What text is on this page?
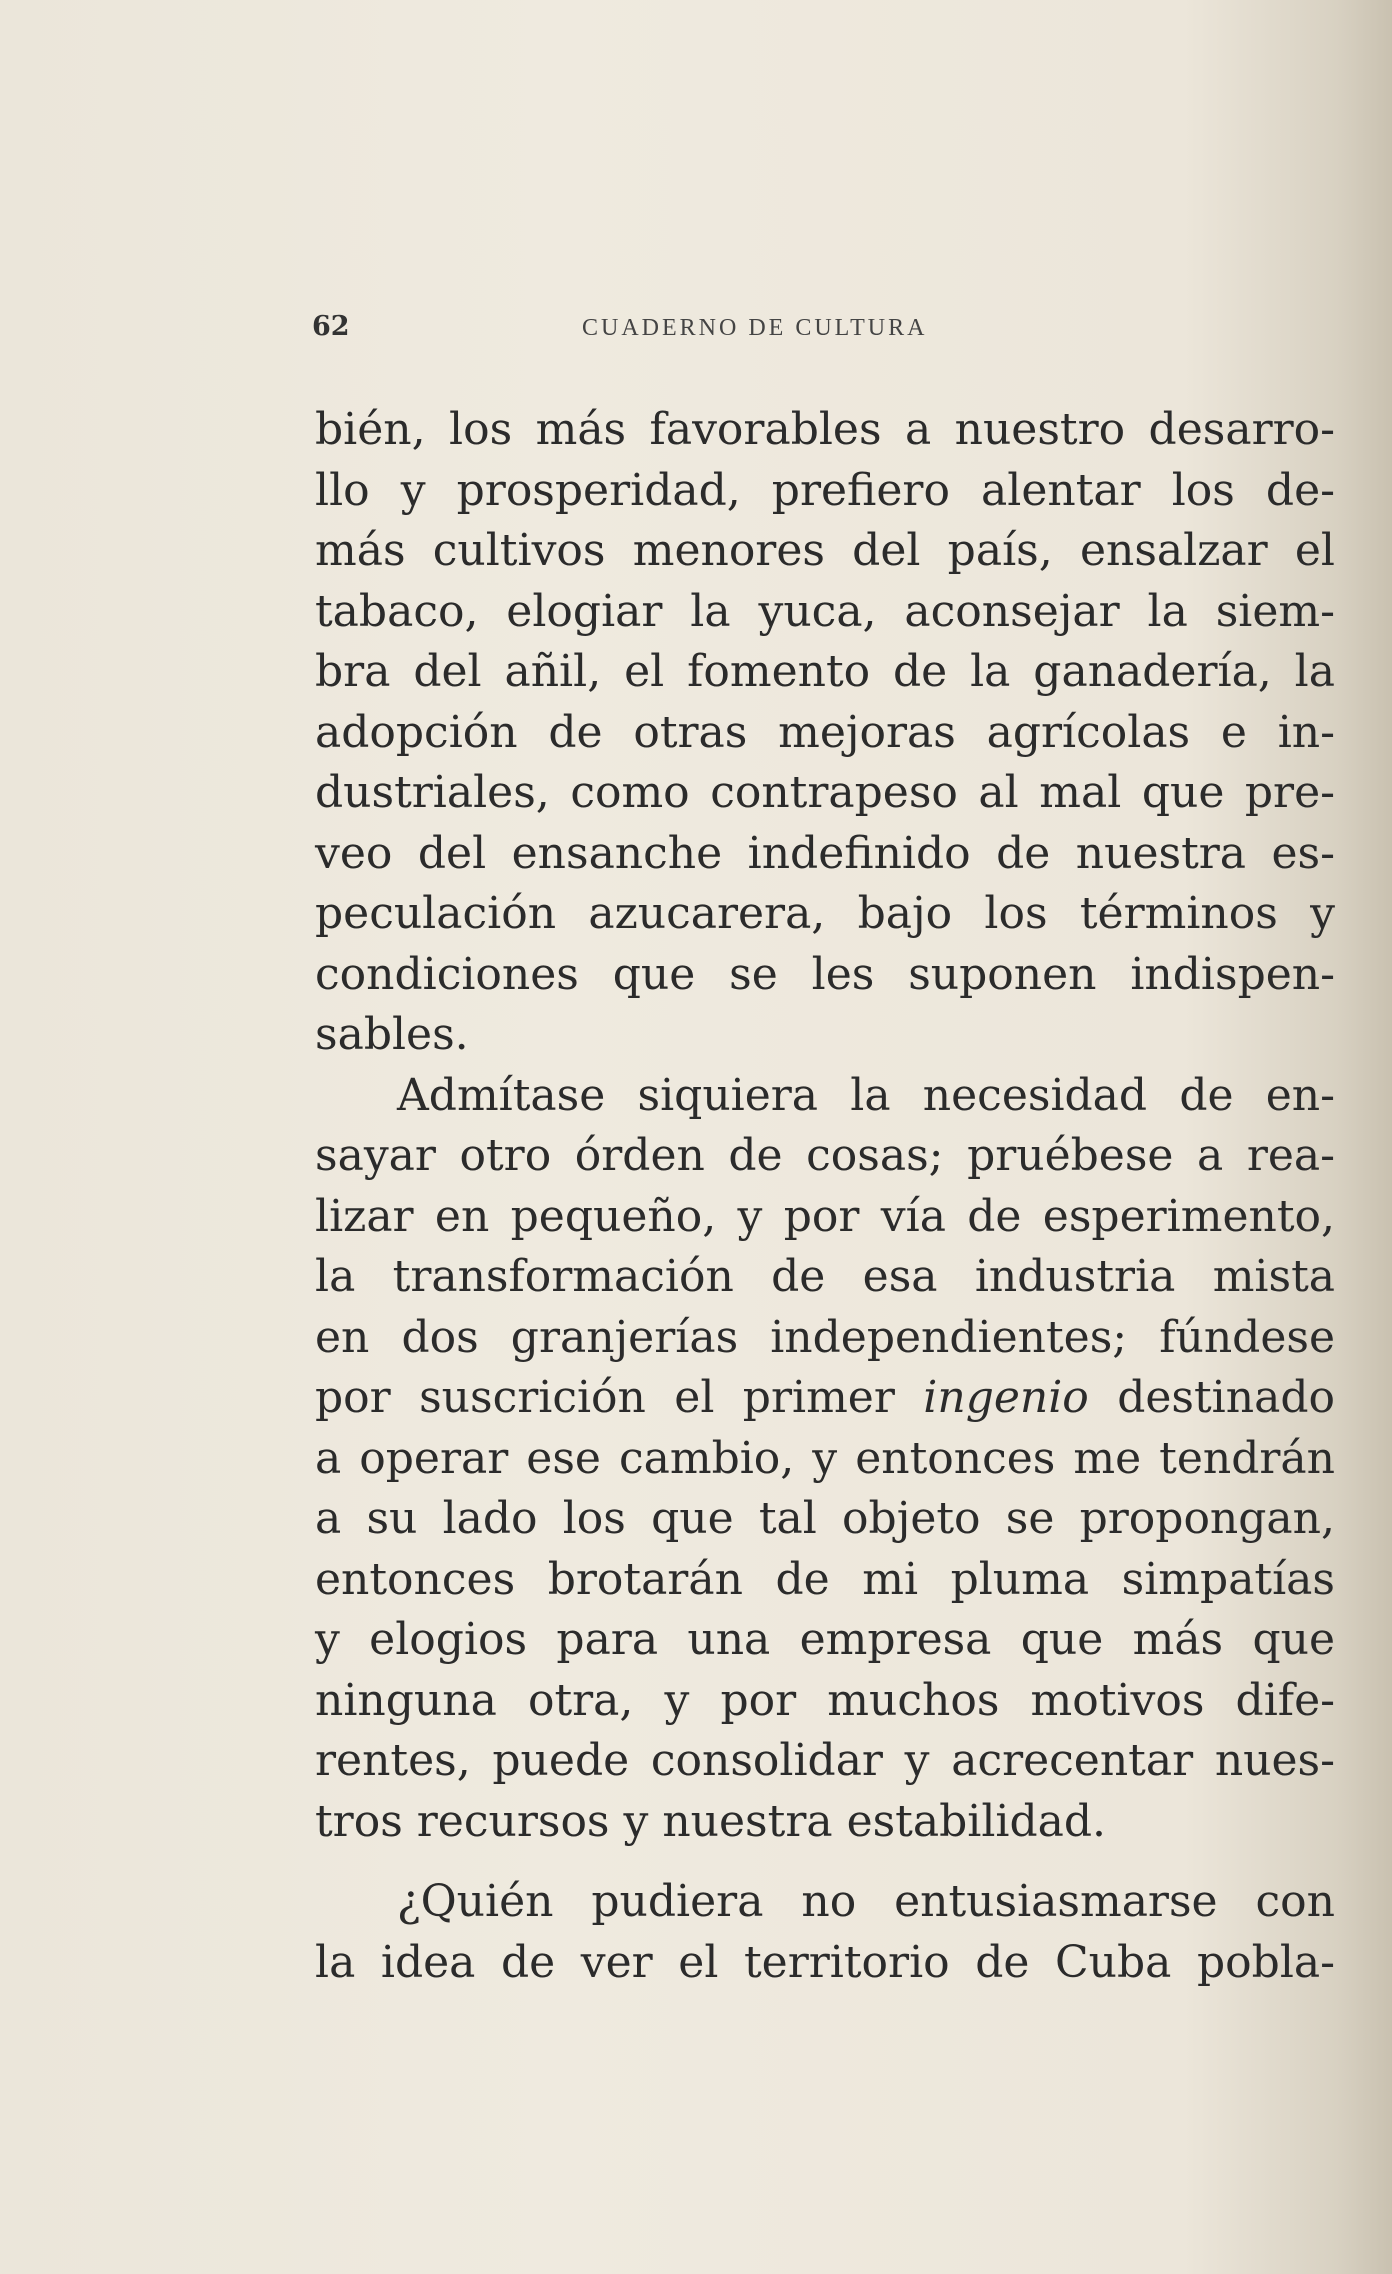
62	CUADERNO DE CULTURA
bién, los más favorables a nuestro desarro-
llo y prosperidad, prefiero alentar los de-
más cultivos menores del país, ensalzar el
tabaco, elogiar la yuca, aconsejar la siem-
bra del añil, el fomento de la ganadería, la
adopción de otras mejoras agrícolas e in-
dustriales, como contrapeso al mal que pre-
veo del ensanche indefinido de nuestra es-
peculación azucarera, bajo los términos y
condiciones que se les suponen indispen-
sables.
Admítase siquiera la necesidad de en-
sayar otro órden de cosas; pruébese a rea-
lizar en pequeño, y por vía de esperimento,
la transformación de esa industria mista
en dos granjerías independientes; fúndese
por suscrición el primer ingenio destinado
a operar ese cambio, y entonces me tendrán
a su lado los que tal objeto se propongan,
entonces brotarán de mi pluma simpatías
y elogios para una empresa que más que
ninguna otra, y por muchos motivos dife-
rentes, puede consolidar y acrecentar nues-
tros recursos y nuestra estabilidad.
¿Quién pudiera no entusiasmarse con
la idea de ver el territorio de Cuba pobla-
